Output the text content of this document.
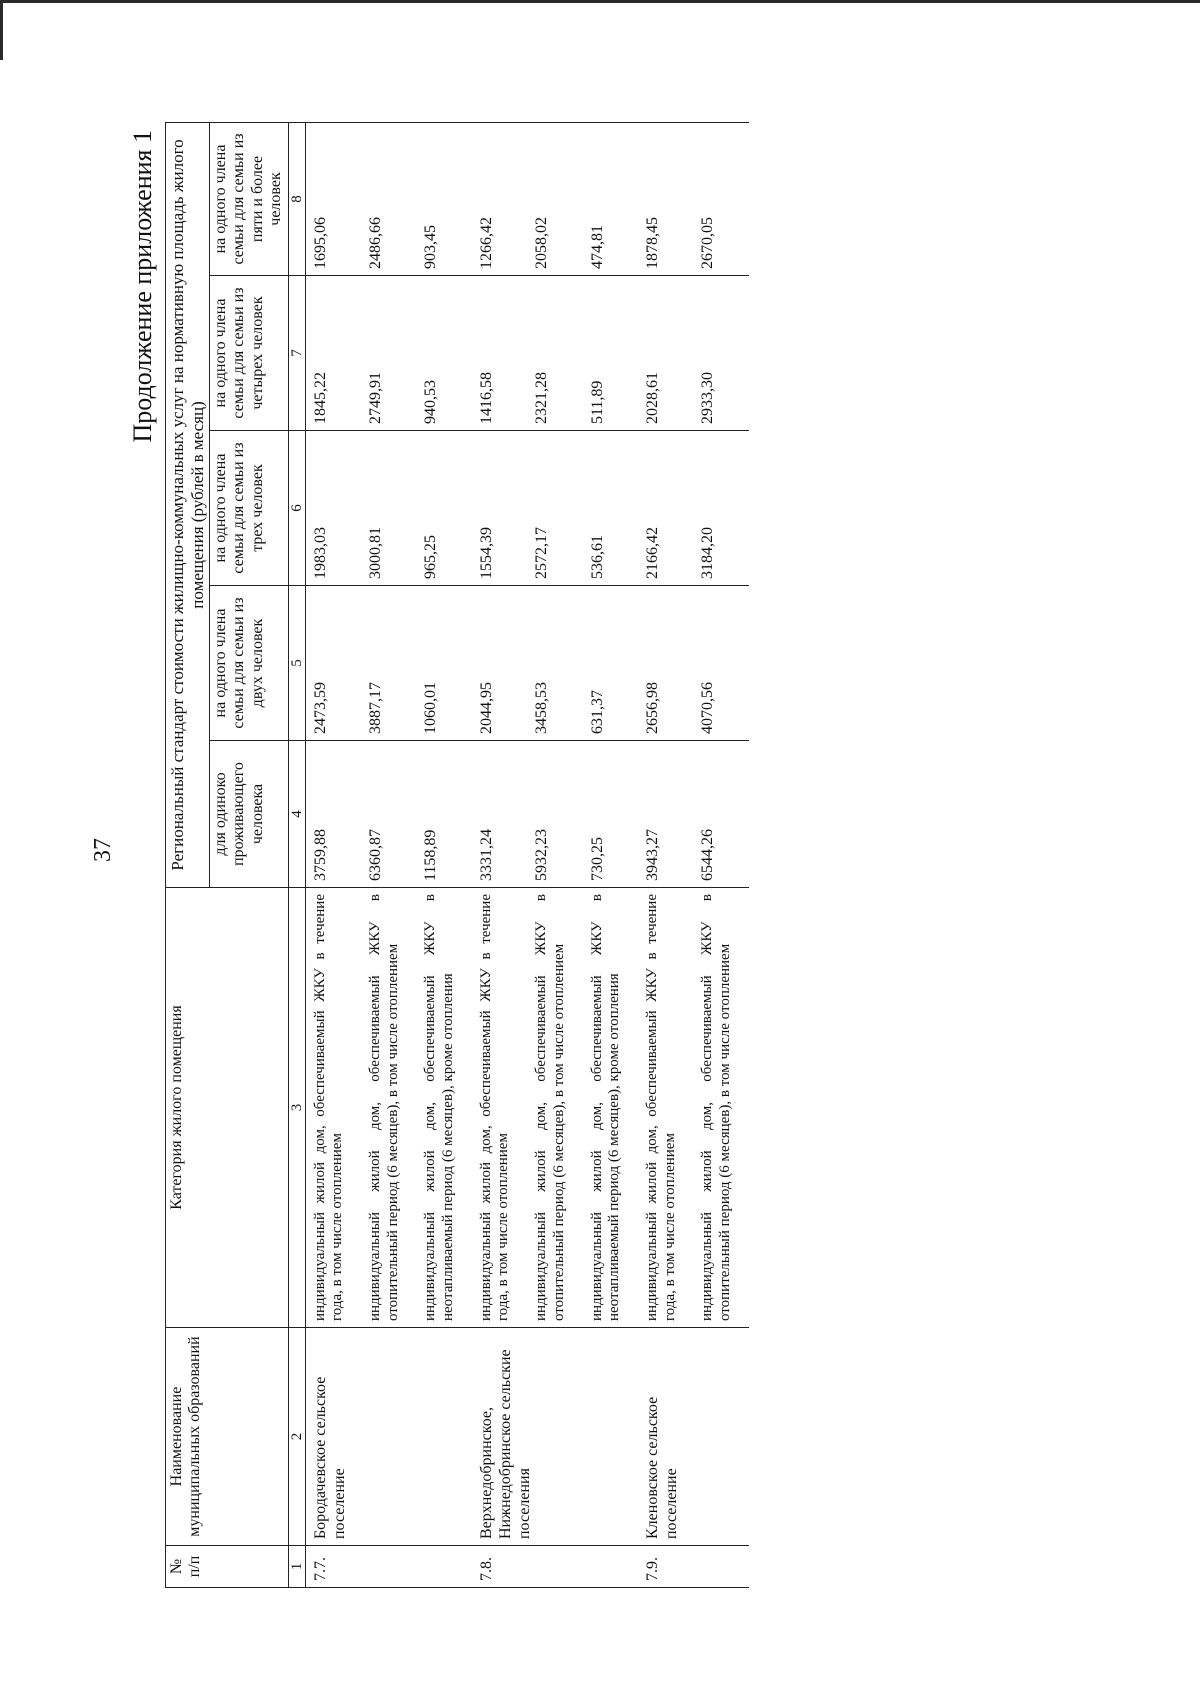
37
Продолжение приложения 1
№ п/п	Наименование муниципальных образований	Категория жилого помещения	Региональный стандарт стоимости жилищно-коммунальных услуг на нормативную площадь жилого помещения (рублей в месяц)				
			для одиноко проживающего человека	на одного члена семьи для семьи из двух человек	на одного члена семьи для семьи из трех человек	на одного члена семьи для семьи из четырех человек	на одного члена семьи для семьи из пяти и более человек
1	2	3	4	5	6	7	8
7.7.	Бородачевское сельское поселение	индивидуальный жилой дом, обеспечиваемый ЖКУ в течение года, в том числе отоплением	3759,88	2473,59	1983,03	1845,22	1695,06
		индивидуальный жилой дом, обеспечиваемый ЖКУ в отопительный период (6 месяцев), в том числе отоплением	6360,87	3887,17	3000,81	2749,91	2486,66
		индивидуальный жилой дом, обеспечиваемый ЖКУ в неотапливаемый период (6 месяцев), кроме отопления	1158,89	1060,01	965,25	940,53	903,45
7.8.	Верхнедобринское, Нижнедобринское сельские поселения	индивидуальный жилой дом, обеспечиваемый ЖКУ в течение года, в том числе отоплением	3331,24	2044,95	1554,39	1416,58	1266,42
		индивидуальный жилой дом, обеспечиваемый ЖКУ в отопительный период (6 месяцев), в том числе отоплением	5932,23	3458,53	2572,17	2321,28	2058,02
		индивидуальный жилой дом, обеспечиваемый ЖКУ в неотапливаемый период (6 месяцев), кроме отопления	730,25	631,37	536,61	511,89	474,81
7.9.	Кленовское сельское поселение	индивидуальный жилой дом, обеспечиваемый ЖКУ в течение года, в том числе отоплением	3943,27	2656,98	2166,42	2028,61	1878,45
		индивидуальный жилой дом, обеспечиваемый ЖКУ в отопительный период (6 месяцев), в том числе отоплением	6544,26	4070,56	3184,20	2933,30	2670,05
